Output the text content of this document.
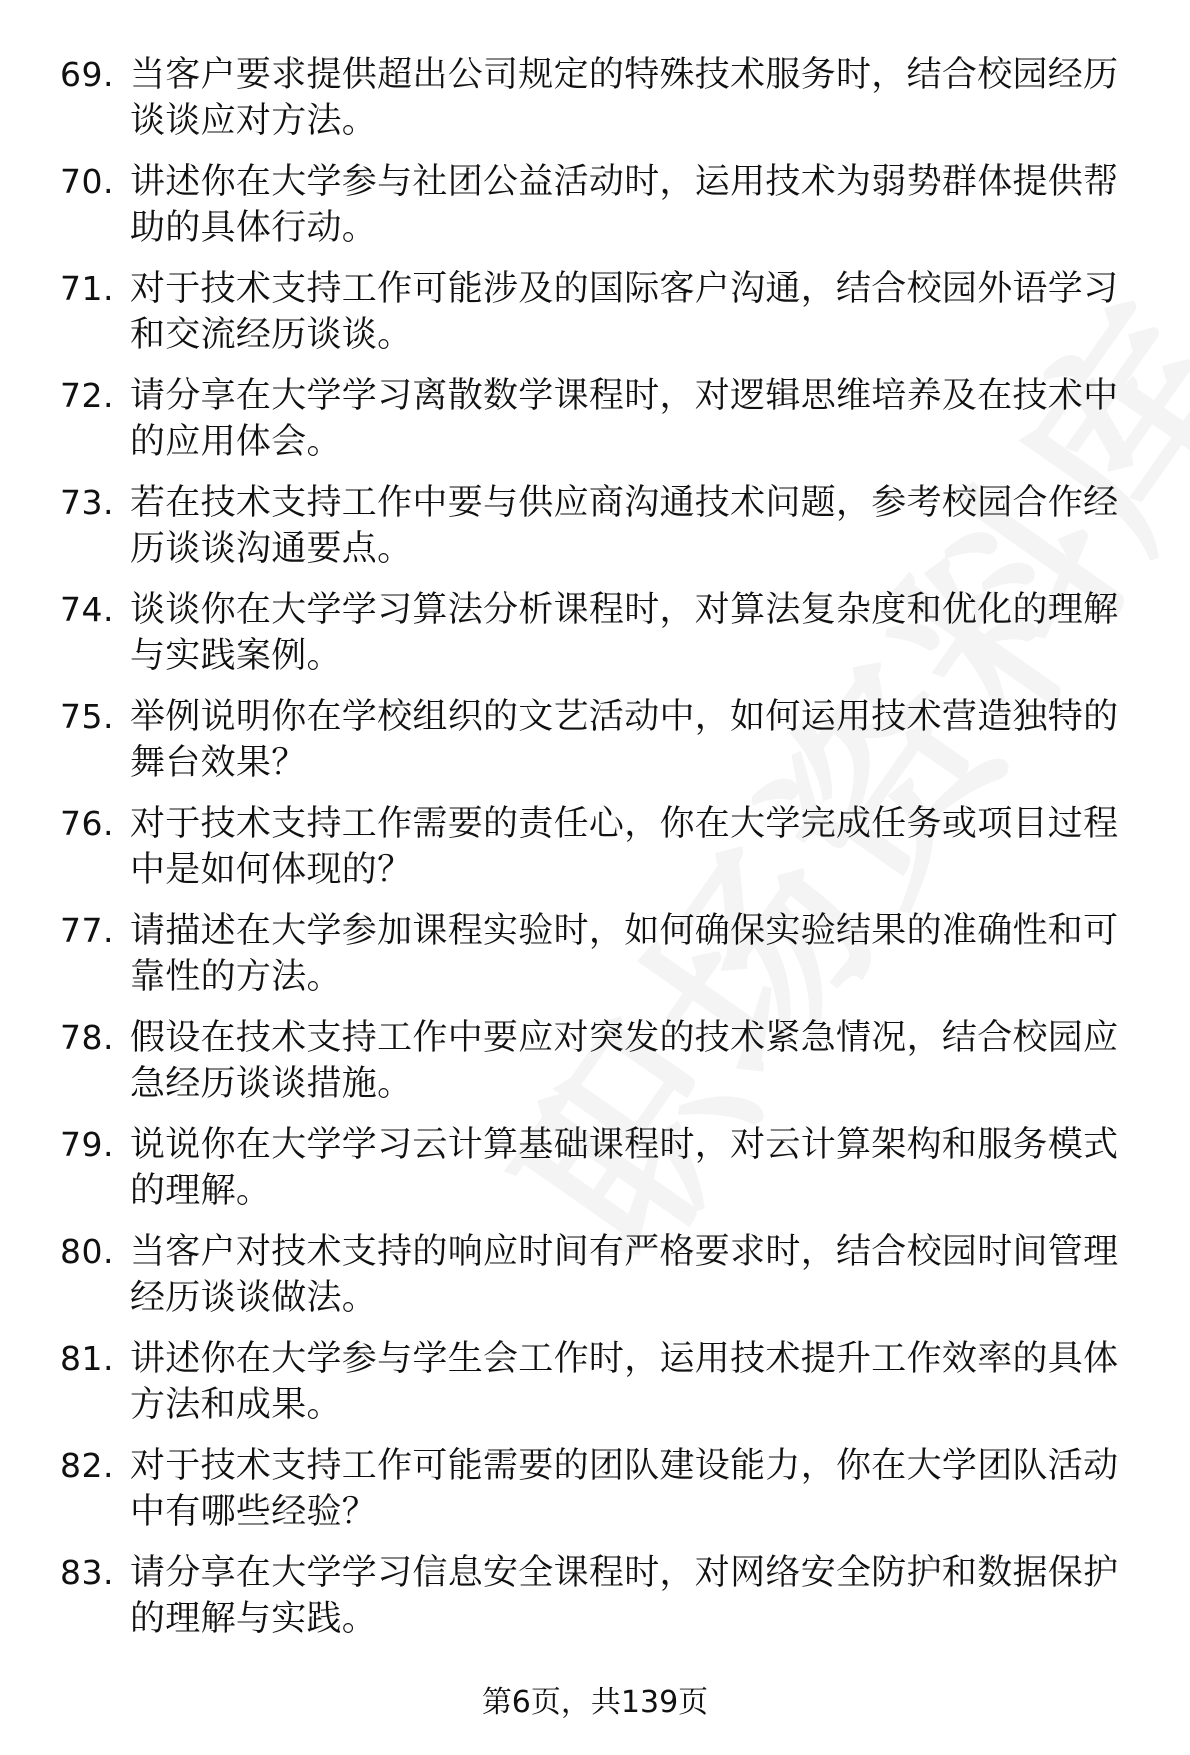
69. 当客户要求提供超出公司规定的特殊技术服务时，结合校园经历谈谈应对方法。
70. 讲述你在大学参与社团公益活动时，运用技术为弱势群体提供帮助的具体行动。
71. 对于技术支持工作可能涉及的国际客户沟通，结合校园外语学习和交流经历谈谈。
72. 请分享在大学学习离散数学课程时，对逻辑思维培养及在技术中的应用体会。
73. 若在技术支持工作中要与供应商沟通技术问题，参考校园合作经历谈谈沟通要点。
74. 谈谈你在大学学习算法分析课程时，对算法复杂度和优化的理解与实践案例。
75. 举例说明你在学校组织的文艺活动中，如何运用技术营造独特的舞台效果？
76. 对于技术支持工作需要的责任心，你在大学完成任务或项目过程中是如何体现的？
77. 请描述在大学参加课程实验时，如何确保实验结果的准确性和可靠性的方法。
78. 假设在技术支持工作中要应对突发的技术紧急情况，结合校园应急经历谈谈措施。
79. 说说你在大学学习云计算基础课程时，对云计算架构和服务模式的理解。
80. 当客户对技术支持的响应时间有严格要求时，结合校园时间管理经历谈谈做法。
81. 讲述你在大学参与学生会工作时，运用技术提升工作效率的具体方法和成果。
82. 对于技术支持工作可能需要的团队建设能力，你在大学团队活动中有哪些经验？
83. 请分享在大学学习信息安全课程时，对网络安全防护和数据保护的理解与实践。
第6页，共139页
